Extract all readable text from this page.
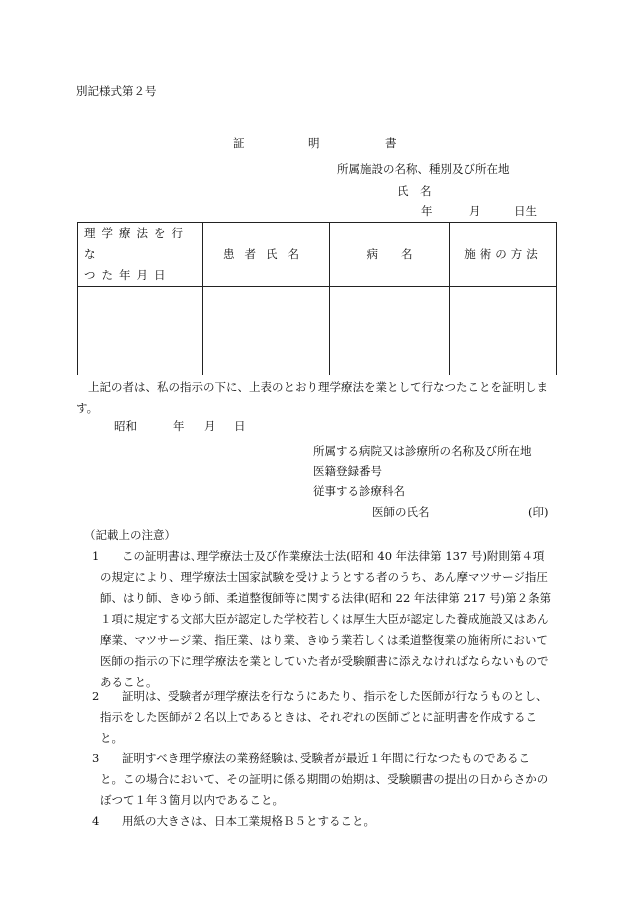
別記様式第２号
証	明	書
所属施設の名称、種別及び所在地
氏　名
年	月	日生
理学療法を行な
つた年月日	患者氏名	病　　名	施術の方法

上記の者は、私の指示の下に、上表のとおり理学療法を業として行なつたことを証明します。
昭和	年 月 日
所属する病院又は診療所の名称及び所在地
医籍登録番号
従事する診療科名
医師の氏名	(印)
（記載上の注意）
1	この証明書は､理学療法士及び作業療法士法(昭和 40 年法律第 137 号)附則第４項の規定により、理学療法士国家試験を受けようとする者のうち、あん摩マツサージ指圧師、はり師、きゆう師、柔道整復師等に関する法律(昭和 22 年法律第 217 号)第２条第１項に規定する文部大臣が認定した学校若しくは厚生大臣が認定した養成施設又はあん摩業、マツサージ業、指圧業、はり業、きゆう業若しくは柔道整復業の施術所において医師の指示の下に理学療法を業としていた者が受験願書に添えなければならないものであること。
2	証明は、受験者が理学療法を行なうにあたり、指示をした医師が行なうものとし、指示をした医師が２名以上であるときは、それぞれの医師ごとに証明書を作成すること。
3	証明すべき理学療法の業務経験は､受験者が最近１年間に行なつたものであること。この場合において、その証明に係る期間の始期は、受験願書の提出の日からさかのぼつて１年３箇月以内であること。
4	用紙の大きさは、日本工業規格Ｂ５とすること。
